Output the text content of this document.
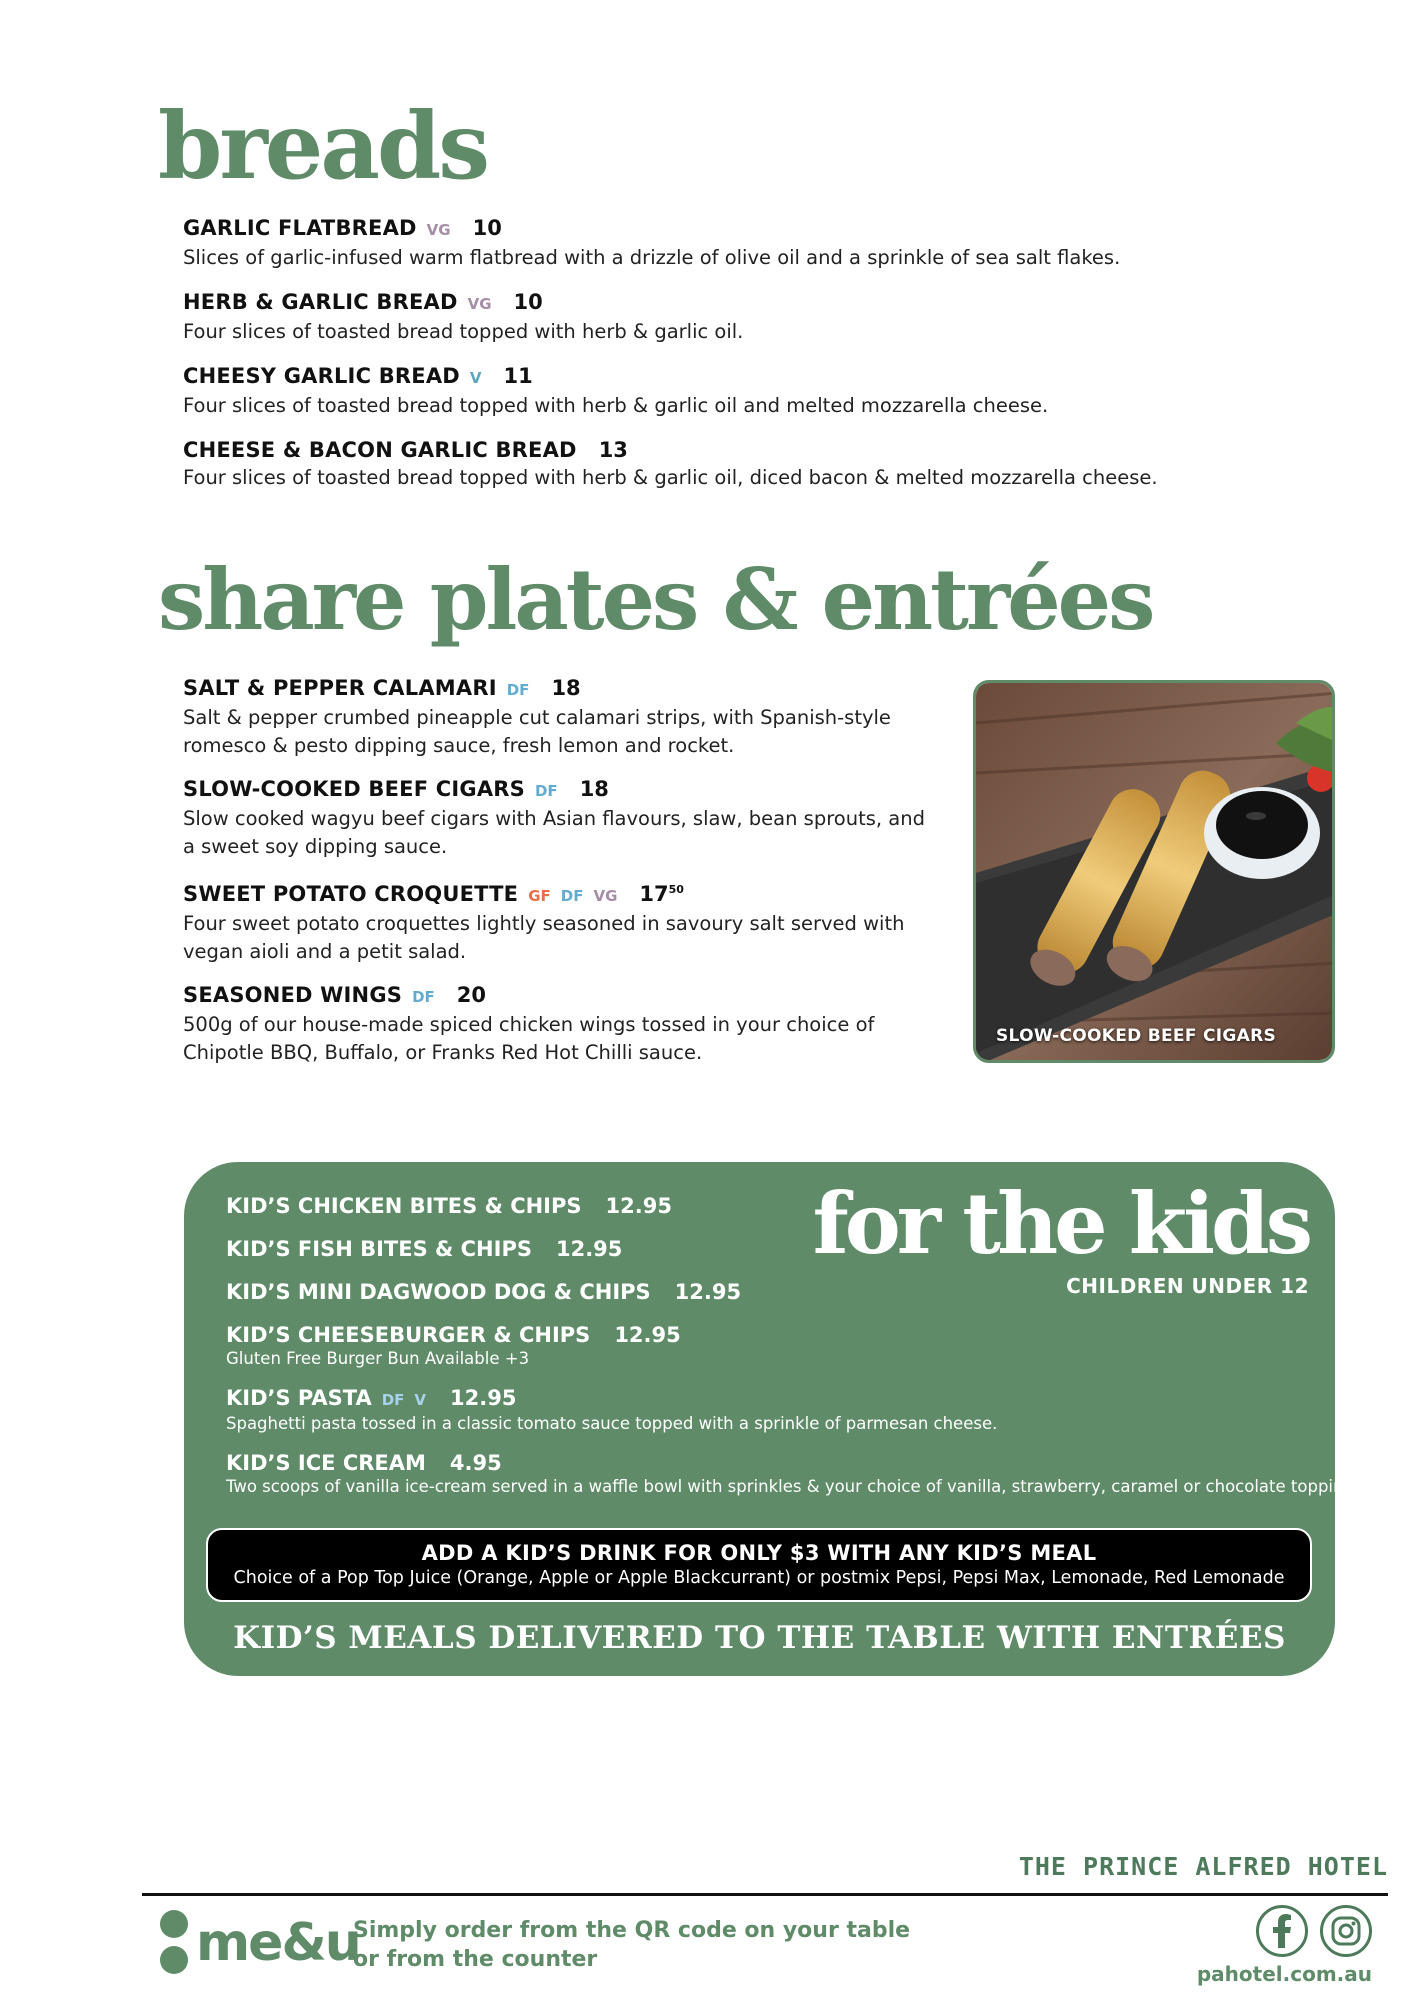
breads
GARLIC FLATBREAD VG 10
Slices of garlic-infused warm flatbread with a drizzle of olive oil and a sprinkle of sea salt flakes.
HERB & GARLIC BREAD VG 10
Four slices of toasted bread topped with herb & garlic oil.
CHEESY GARLIC BREAD V 11
Four slices of toasted bread topped with herb & garlic oil and melted mozzarella cheese.
CHEESE & BACON GARLIC BREAD 13
Four slices of toasted bread topped with herb & garlic oil, diced bacon & melted mozzarella cheese.
share plates & entrées
SALT & PEPPER CALAMARI DF 18
Salt & pepper crumbed pineapple cut calamari strips, with Spanish-style romesco & pesto dipping sauce, fresh lemon and rocket.
SLOW-COOKED BEEF CIGARS DF 18
Slow cooked wagyu beef cigars with Asian flavours, slaw, bean sprouts, and a sweet soy dipping sauce.
SWEET POTATO CROQUETTE GF DF VG $17^{50}$
Four sweet potato croquettes lightly seasoned in savoury salt served with vegan aioli and a petit salad.
SEASONED WINGS DF 20
500g of our house-made spiced chicken wings tossed in your choice of Chipotle BBQ, Buffalo, or Franks Red Hot Chilli sauce.
SLOW-COOKED BEEF CIGARS
for the kids
CHILDREN UNDER 12
KID’S CHICKEN BITES & CHIPS 12.95
KID’S FISH BITES & CHIPS 12.95
KID’S MINI DAGWOOD DOG & CHIPS 12.95
KID’S CHEESEBURGER & CHIPS 12.95
Gluten Free Burger Bun Available +3
KID’S PASTA DF V 12.95
Spaghetti pasta tossed in a classic tomato sauce topped with a sprinkle of parmesan cheese.
KID’S ICE CREAM 4.95
Two scoops of vanilla ice-cream served in a waffle bowl with sprinkles & your choice of vanilla, strawberry, caramel or chocolate topping.
ADD A KID’S DRINK FOR ONLY $3 WITH ANY KID’S MEAL
Choice of a Pop Top Juice (Orange, Apple or Apple Blackcurrant) or postmix Pepsi, Pepsi Max, Lemonade, Red Lemonade
KID’S MEALS DELIVERED TO THE TABLE WITH ENTRÉES
THE PRINCE ALFRED HOTEL
me&u
Simply order from the QR code on your table
or from the counter
pahotel.com.au
